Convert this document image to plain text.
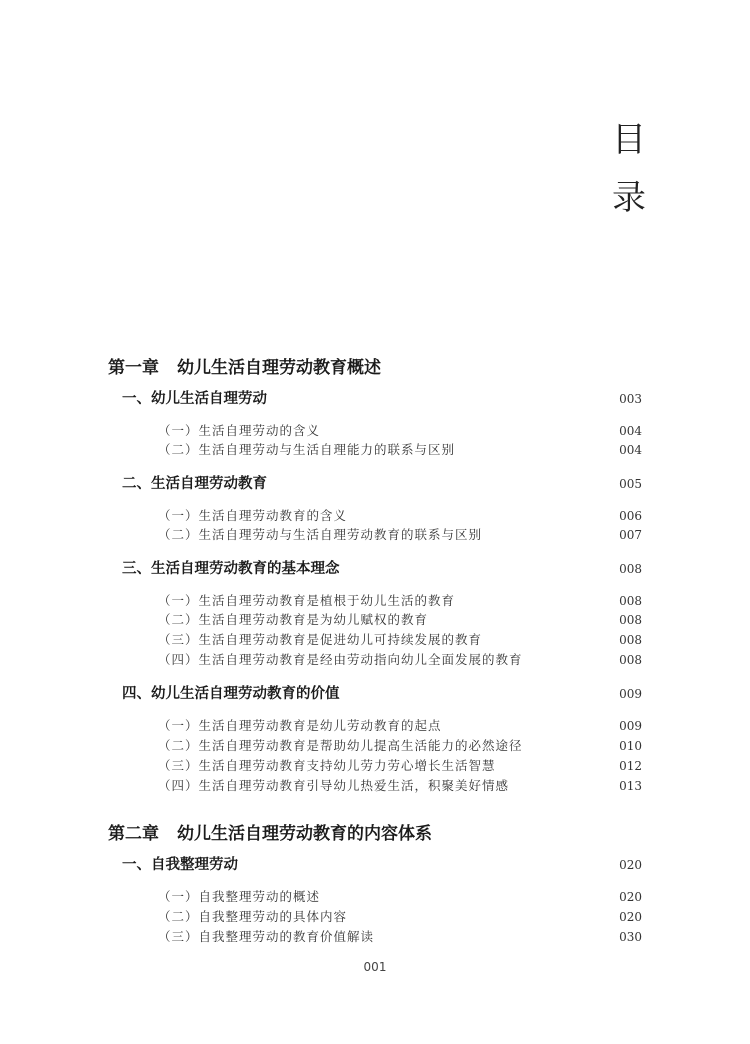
目
录
第一章 幼儿生活自理劳动教育概述
一、幼儿生活自理劳动	003
（一）生活自理劳动的含义	004
（二）生活自理劳动与生活自理能力的联系与区别	004
二、生活自理劳动教育	005
（一）生活自理劳动教育的含义	006
（二）生活自理劳动与生活自理劳动教育的联系与区别	007
三、生活自理劳动教育的基本理念	008
（一）生活自理劳动教育是植根于幼儿生活的教育	008
（二）生活自理劳动教育是为幼儿赋权的教育	008
（三）生活自理劳动教育是促进幼儿可持续发展的教育	008
（四）生活自理劳动教育是经由劳动指向幼儿全面发展的教育	008
四、幼儿生活自理劳动教育的价值	009
（一）生活自理劳动教育是幼儿劳动教育的起点	009
（二）生活自理劳动教育是帮助幼儿提高生活能力的必然途径	010
（三）生活自理劳动教育支持幼儿劳力劳心增长生活智慧	012
（四）生活自理劳动教育引导幼儿热爱生活，积聚美好情感	013
第二章 幼儿生活自理劳动教育的内容体系
一、自我整理劳动	020
（一）自我整理劳动的概述	020
（二）自我整理劳动的具体内容	020
（三）自我整理劳动的教育价值解读	030
001
